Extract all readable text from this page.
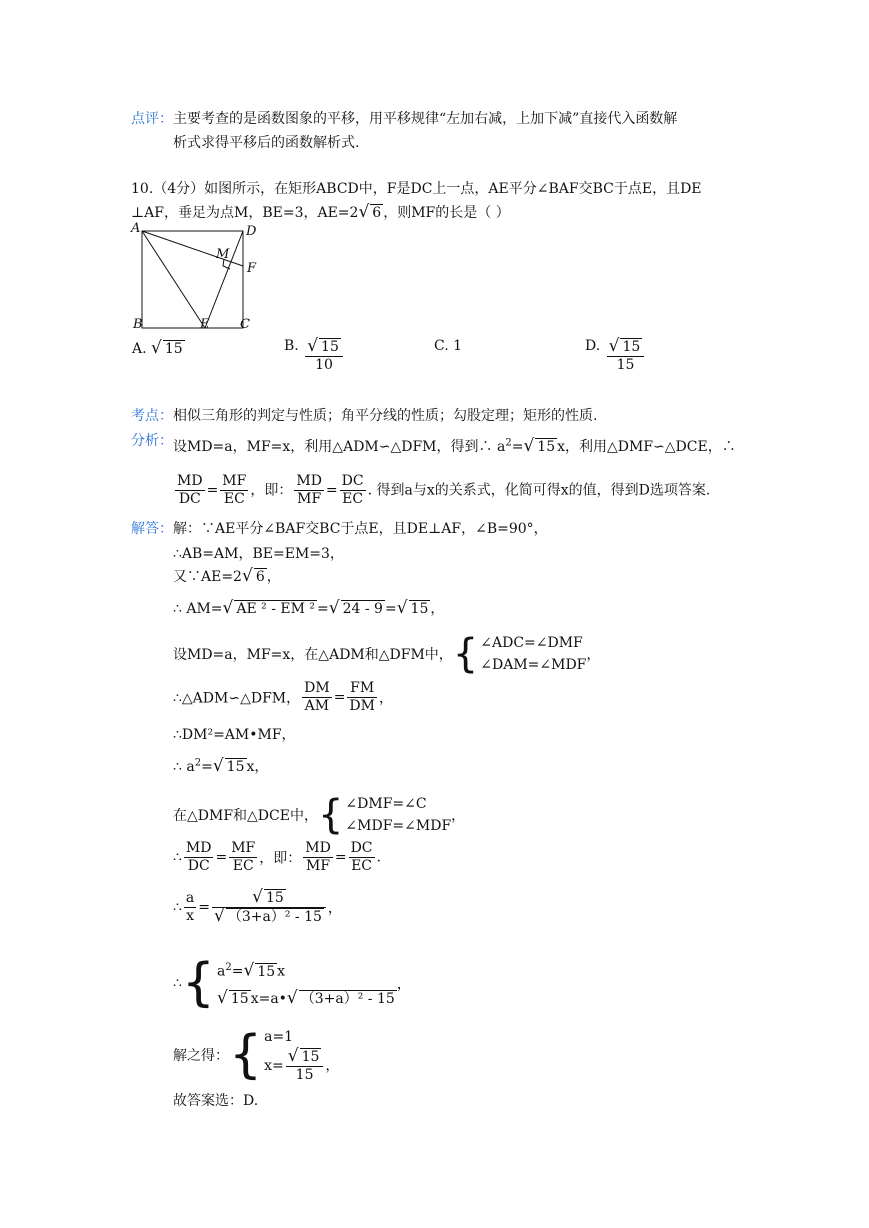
点评：主要考查的是函数图象的平移，用平移规律“左加右减，上加下减”直接代入函数解
析式求得平移后的函数解析式.
10.（4分）如图所示，在矩形ABCD中，F是DC上一点，AE平分∠BAF交BC于点E，且DE
⊥AF，垂足为点M，BE=3，AE=2√ 6 ，则MF的长是（ ）
A	D
M
F
B	E C
A. √ 15	B. $\frac{√ 15}{10}$	C. 1	D. $\frac{√ 15}{15}$
考点：相似三角形的判定与性质；角平分线的性质；勾股定理；矩形的性质.
分析： 设MD=a，MF=x，利用△ADM∽△DFM，得到∴ $a^2=√$ 15 x，利用△DMF∽△DCE，∴
$\frac{MD}{DC} = \frac{MF}{EC}$ ，即： $\frac{MD}{MF} = \frac{DC}{EC}$ . 得到a与x的关系式，化简可得x的值，得到D选项答案.
解答： 解：∵AE平分∠BAF交BC于点E，且DE⊥AF，∠B=90°，
∴AB=AM，BE=EM=3，
又∵AE=2√ 6 ，
∴ AM=√ AE ² - EM ² =√ 24 - 9 =√ 15 ，
设MD=a，MF=x，在△ADM和△DFM中， { ∠ADC=∠DMF
∠DAM=∠MDF
，
∴△ADM∽△DFM， $\frac{DM}{AM} = \frac{FM}{DM}$ ，
∴DM²=AM•MF，
∴ $a^2=√$ 15 x，
在△DMF和△DCE中， { ∠DMF=∠C
∠MDF=∠MDF
，
∴ $\frac{MD}{DC} = \frac{MF}{EC}$ ，即： $\frac{MD}{MF} = \frac{DC}{EC}$ .
∴ $\frac{a}{x} = \frac{√ 15}{\text{√ （3+a）² - 15}}$ ，
∴ { $a^2=√$ 15 x
√ 15 x=a•√ （3+a）² - 15
，
解之得： { a=1
$x= \frac{√ 15}{15}$ ，
故答案选：D.
